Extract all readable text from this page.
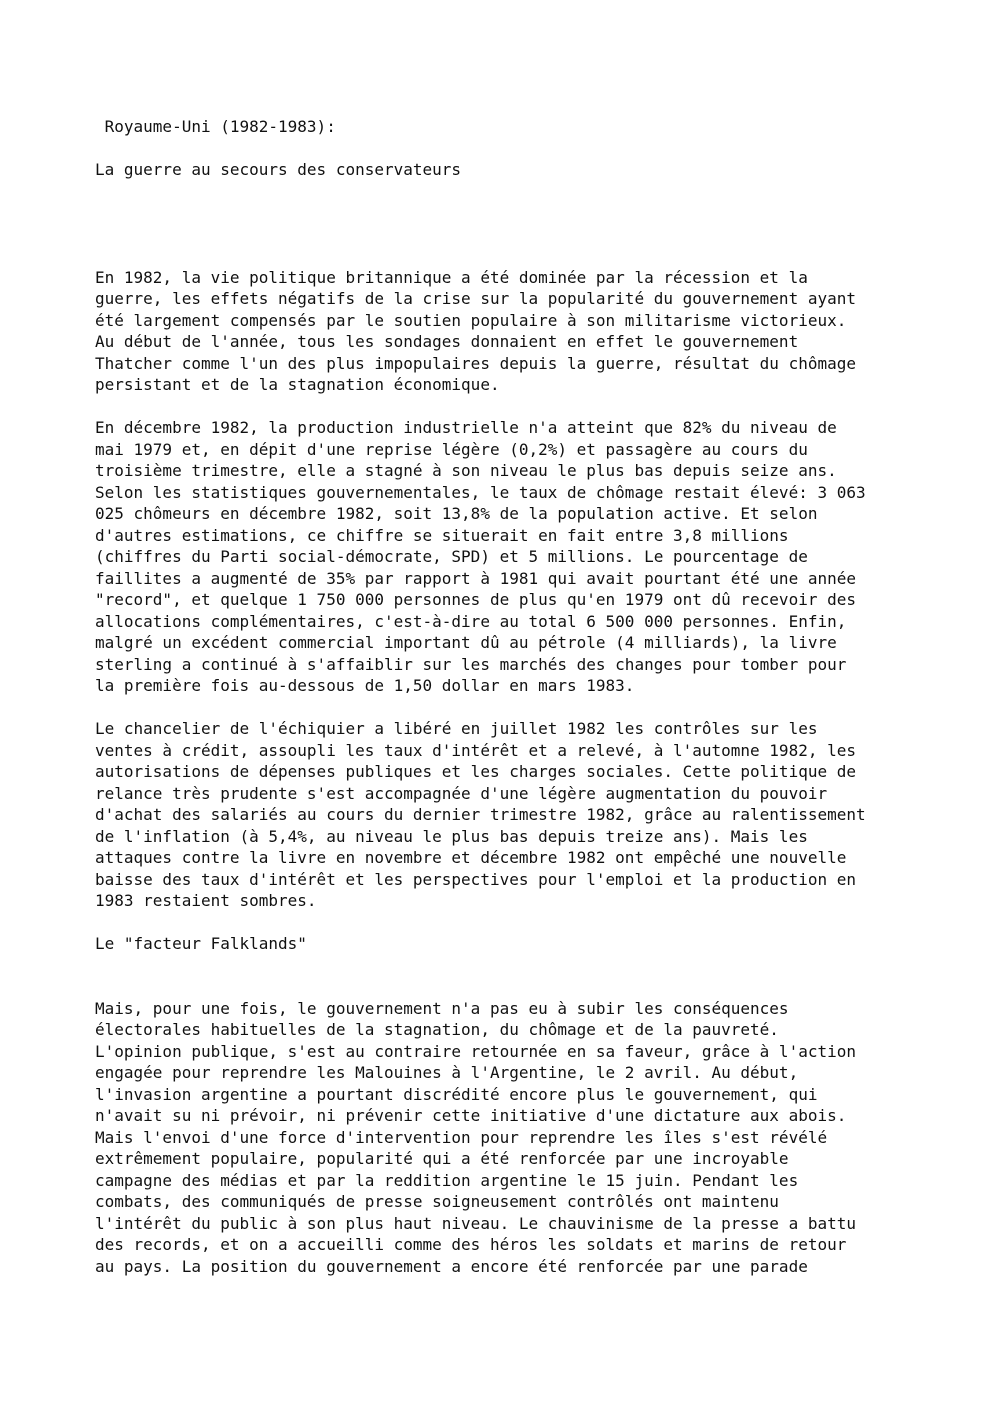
Royaume-Uni (1982-1983):
La guerre au secours des conservateurs
En 1982, la vie politique britannique a été dominée par la récession et la
guerre, les effets négatifs de la crise sur la popularité du gouvernement ayant
été largement compensés par le soutien populaire à son militarisme victorieux.
Au début de l'année, tous les sondages donnaient en effet le gouvernement
Thatcher comme l'un des plus impopulaires depuis la guerre, résultat du chômage
persistant et de la stagnation économique.
En décembre 1982, la production industrielle n'a atteint que 82% du niveau de
mai 1979 et, en dépit d'une reprise légère (0,2%) et passagère au cours du
troisième trimestre, elle a stagné à son niveau le plus bas depuis seize ans.
Selon les statistiques gouvernementales, le taux de chômage restait élevé: 3 063
025 chômeurs en décembre 1982, soit 13,8% de la population active. Et selon
d'autres estimations, ce chiffre se situerait en fait entre 3,8 millions
(chiffres du Parti social-démocrate, SPD) et 5 millions. Le pourcentage de
faillites a augmenté de 35% par rapport à 1981 qui avait pourtant été une année
"record", et quelque 1 750 000 personnes de plus qu'en 1979 ont dû recevoir des
allocations complémentaires, c'est-à-dire au total 6 500 000 personnes. Enfin,
malgré un excédent commercial important dû au pétrole (4 milliards), la livre
sterling a continué à s'affaiblir sur les marchés des changes pour tomber pour
la première fois au-dessous de 1,50 dollar en mars 1983.
Le chancelier de l'échiquier a libéré en juillet 1982 les contrôles sur les
ventes à crédit, assoupli les taux d'intérêt et a relevé, à l'automne 1982, les
autorisations de dépenses publiques et les charges sociales. Cette politique de
relance très prudente s'est accompagnée d'une légère augmentation du pouvoir
d'achat des salariés au cours du dernier trimestre 1982, grâce au ralentissement
de l'inflation (à 5,4%, au niveau le plus bas depuis treize ans). Mais les
attaques contre la livre en novembre et décembre 1982 ont empêché une nouvelle
baisse des taux d'intérêt et les perspectives pour l'emploi et la production en
1983 restaient sombres.
Le "facteur Falklands"
Mais, pour une fois, le gouvernement n'a pas eu à subir les conséquences
électorales habituelles de la stagnation, du chômage et de la pauvreté.
L'opinion publique, s'est au contraire retournée en sa faveur, grâce à l'action
engagée pour reprendre les Malouines à l'Argentine, le 2 avril. Au début,
l'invasion argentine a pourtant discrédité encore plus le gouvernement, qui
n'avait su ni prévoir, ni prévenir cette initiative d'une dictature aux abois.
Mais l'envoi d'une force d'intervention pour reprendre les îles s'est révélé
extrêmement populaire, popularité qui a été renforcée par une incroyable
campagne des médias et par la reddition argentine le 15 juin. Pendant les
combats, des communiqués de presse soigneusement contrôlés ont maintenu
l'intérêt du public à son plus haut niveau. Le chauvinisme de la presse a battu
des records, et on a accueilli comme des héros les soldats et marins de retour
au pays. La position du gouvernement a encore été renforcée par une parade
